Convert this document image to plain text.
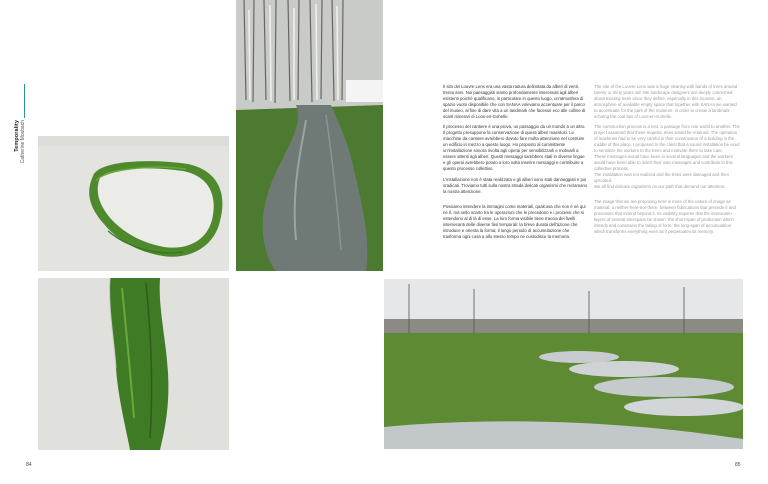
Temporality Catherine Mosbach

Il sito del Louvre Lens era una vasta radura delimitata da alberi di venti, trenta anni. Noi paesaggisti siamo profondamente interessati agli alberi esistenti poiché qualificano, in particolare in questo luogo, un'atmosfera di spazio vuoto disponibile che con SANAA volevamo accentuare per il parco del museo, al fine di dare vita a un landmark che facesse eco alle colline di scarti minerari di Loos-en-Gohelle.

Il processo del cantiere è una prova, un passaggio da un mondo a un altro. Il progetto presuppone la conservazione di questi alberi maestosi. Le macchine da cantiere avrebbero dovuto fare molta attenzione nel costruire un edificio in mezzo a questo luogo. Ho proposto al committente un'installazione sonora rivolta agli operai per sensibilizzarli e motivarli a essere attenti agli alberi. Questi messaggi sarebbero stati in diverse lingue e gli operai avrebbero potuto a loro volta inserire messaggi e contribuire a questo processo collettivo.

L'installazione non è stata realizzata e gli alberi sono stati danneggiati e poi sradicati. Troviamo tutti sulla nostra strada delicati organismi che reclamano la nostra attenzione.

Possiamo intendere la immagini come materiali, qualcosa che non è né qui né lì, mà nello scarto tra le operazioni che le precedono e i processi che si estendono al di là di esse. La loro forma visibile tiene traccia dei livelli intersecanti delle diverse fasi temporali: la breve durata dell'azione che introduce e orienta la forma; il lungo periodo di accumulazione che trasforma ogni cosa a allo stesso tempo ne custodisce la memoria.

The site of the Louvre Lens was a huge clearing with bands of trees around twenty or thirty years old. We landscape designers are deeply concerned about existing trees since they define, especially in this location, an atmosphere of available empty space that together with SANAA we wanted to accentuate for the park of the museum, in order to create a landmark echoing the coal tips of Loos-en-Gohelle.

The construction process is a test, a passage from one world to another. The project assumed that these majestic trees would be retained. The operation of machines had to be very careful in their construction of a building in the middle of this place. I proposed to the client that a sound installation be used to sensitize the workers to the trees and motivate them to take care.

These messages would have been in several languages and the workers would have been able to insert their own messages and contribute to this collective process.

The installation was not realized and the trees were damaged and then uprooted.

We all find delicate organisms on our path that demand our attention.

The image that we are proposing here is more of the nature of image as material, a neither-here-nor-there, between fabrications that precede it and processes that extend beyond it. Its visibility requires that the interwoven layers of several timespans be shown: the short-span of production which intends and constrains the taking of form; the long-span of accumulation which transforms everything even as it perpetuates its memory.

84	85
